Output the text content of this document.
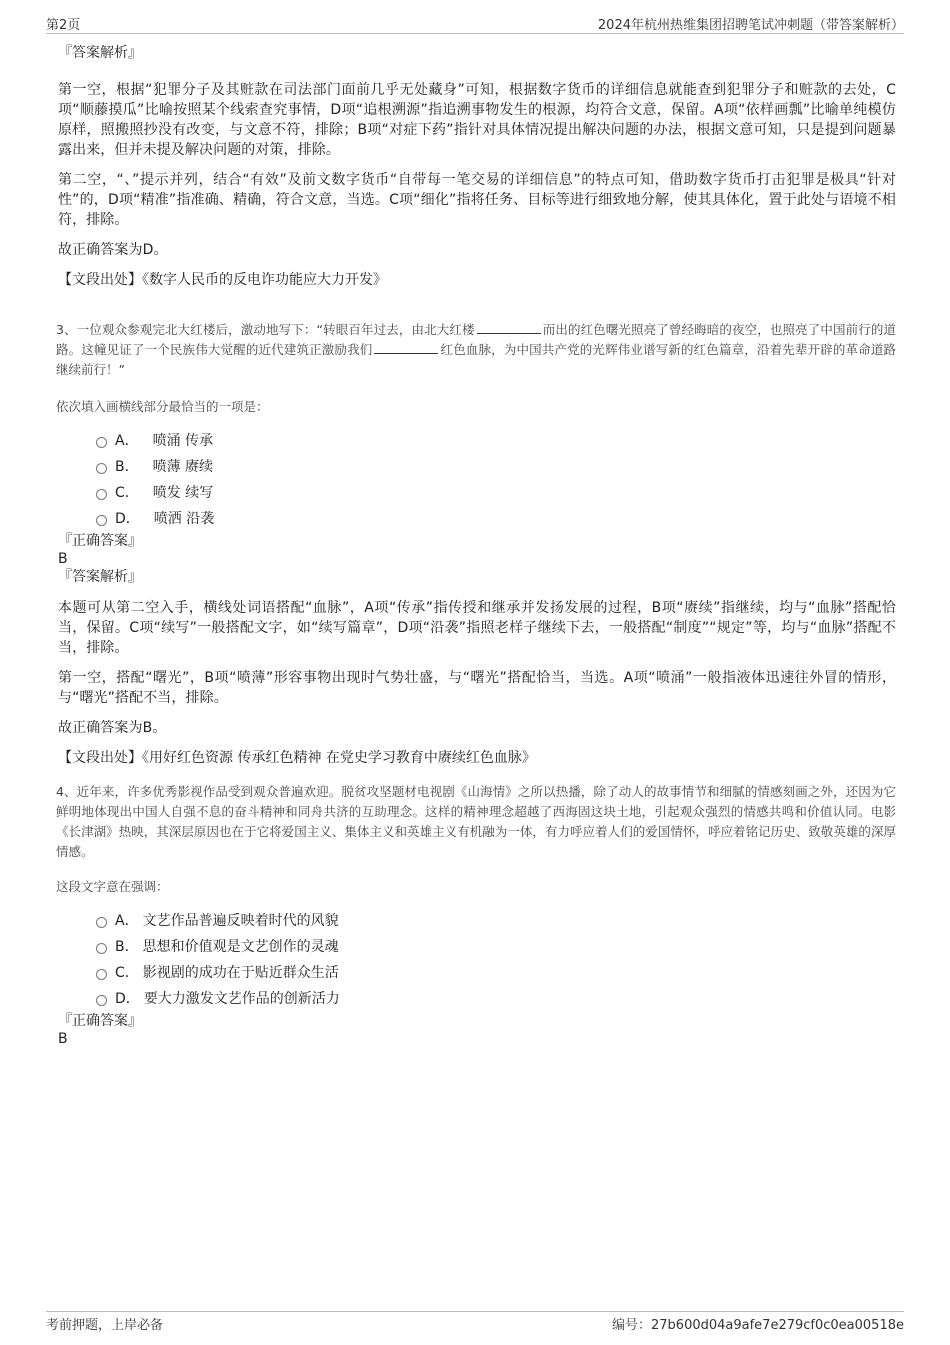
第2页	2024年杭州热维集团招聘笔试冲刺题（带答案解析）
『答案解析』

第一空，根据“犯罪分子及其赃款在司法部门面前几乎无处藏身”可知，根据数字货币的详细信息就能查到犯罪分子和赃款的去处，C项“顺藤摸瓜”比喻按照某个线索查究事情，D项“追根溯源”指追溯事物发生的根源，均符合文意，保留。A项“依样画瓢”比喻单纯模仿原样，照搬照抄没有改变，与文意不符，排除；B项“对症下药”指针对具体情况提出解决问题的办法，根据文意可知，只是提到问题暴露出来，但并未提及解决问题的对策，排除。

第二空，“、”提示并列，结合“有效”及前文数字货币“自带每一笔交易的详细信息”的特点可知，借助数字货币打击犯罪是极具“针对性”的，D项“精准”指准确、精确，符合文意，当选。C项“细化”指将任务、目标等进行细致地分解，使其具体化，置于此处与语境不相符，排除。

故正确答案为D。

【文段出处】《数字人民币的反电诈功能应大力开发》

3、一位观众参观完北大红楼后，激动地写下：“转眼百年过去，由北大红楼	而出的红色曙光照亮了曾经晦暗的夜空，也照亮了中国前行的道路。这幢见证了一个民族伟大觉醒的近代建筑正激励我们	红色血脉，为中国共产党的光辉伟业谱写新的红色篇章，沿着先辈开辟的革命道路继续前行！”

依次填入画横线部分最恰当的一项是：

A． 喷涌 传承
B． 喷薄 赓续
C． 喷发 续写
D． 喷洒 沿袭
『正确答案』
B
『答案解析』

本题可从第二空入手，横线处词语搭配“血脉”，A项“传承”指传授和继承并发扬发展的过程，B项“赓续”指继续，均与“血脉”搭配恰当，保留。C项“续写”一般搭配文字，如“续写篇章”，D项“沿袭”指照老样子继续下去，一般搭配“制度”“规定”等，均与“血脉”搭配不当，排除。

第一空，搭配“曙光”，B项“喷薄”形容事物出现时气势壮盛，与“曙光”搭配恰当，当选。A项“喷涌”一般指液体迅速往外冒的情形，与“曙光”搭配不当，排除。

故正确答案为B。

【文段出处】《用好红色资源 传承红色精神 在党史学习教育中赓续红色血脉》

4、近年来，许多优秀影视作品受到观众普遍欢迎。脱贫攻坚题材电视剧《山海情》之所以热播，除了动人的故事情节和细腻的情感刻画之外，还因为它鲜明地体现出中国人自强不息的奋斗精神和同舟共济的互助理念。这样的精神理念超越了西海固这块土地，引起观众强烈的情感共鸣和价值认同。电影《长津湖》热映，其深层原因也在于它将爱国主义、集体主义和英雄主义有机融为一体，有力呼应着人们的爱国情怀，呼应着铭记历史、致敬英雄的深厚情感。

这段文字意在强调：

A． 文艺作品普遍反映着时代的风貌
B． 思想和价值观是文艺创作的灵魂
C． 影视剧的成功在于贴近群众生活
D． 要大力激发文艺作品的创新活力
『正确答案』
B
考前押题，上岸必备	编号：27b600d04a9afe7e279cf0c0ea00518e
